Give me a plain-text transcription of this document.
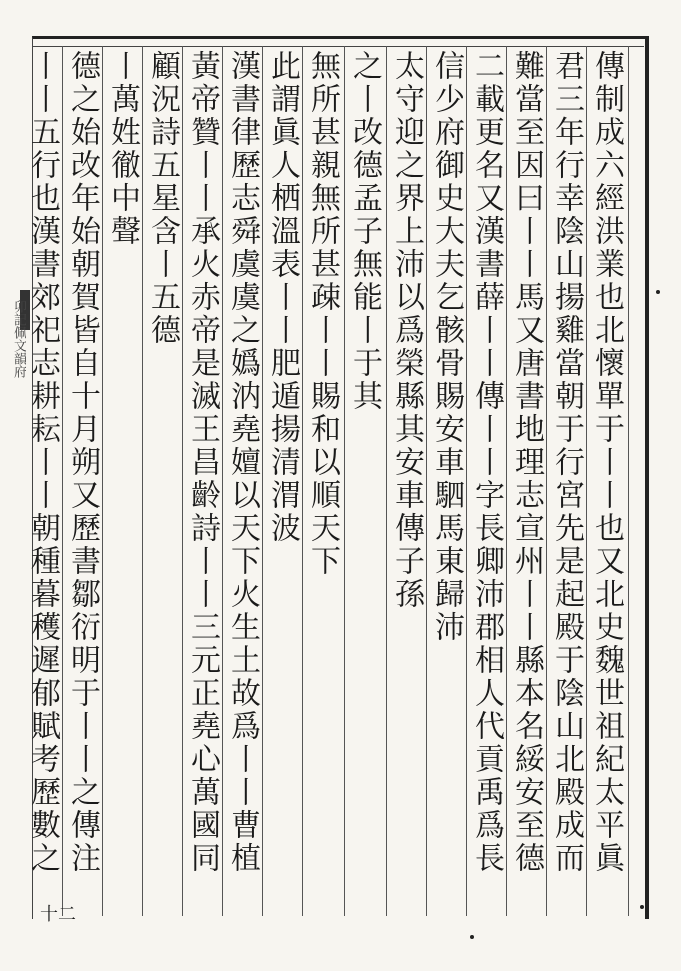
卯記佩文韻府	傳制成六經洪業也北懷單于丨丨也又北史魏世祖紀太平眞
君三年行幸陰山揚雞當朝于行宮先是起殿于陰山北殿成而
難當至因曰丨丨馬又唐書地理志宣州丨丨縣本名綏安至德
二載更名又漢書薛丨丨傳丨丨字長卿沛郡相人代貢禹爲長
信少府御史大夫乞骸骨賜安車駟馬東歸沛
太守迎之界上沛以爲榮縣其安車傳子孫
之丨改德孟子無能丨于其
無所甚親無所甚疎丨丨賜和以順天下
此謂眞人栖溫表丨丨肥遁揚清渭波
漢書律歷志舜虞虞之嬀汭堯嬗以天下火生土故爲丨丨曹植
黃帝贊丨丨承火赤帝是滅王昌齡詩丨丨三元正堯心萬國同
顧況詩五星含丨五德
丨萬姓徹中聲
德之始改年始朝賀皆自十月朔又歷書鄒衍明于丨丨之傳注
丨丨五行也漢書郊祀志耕耘丨丨朝種暮穫遲郁賦考歷數之
十二
